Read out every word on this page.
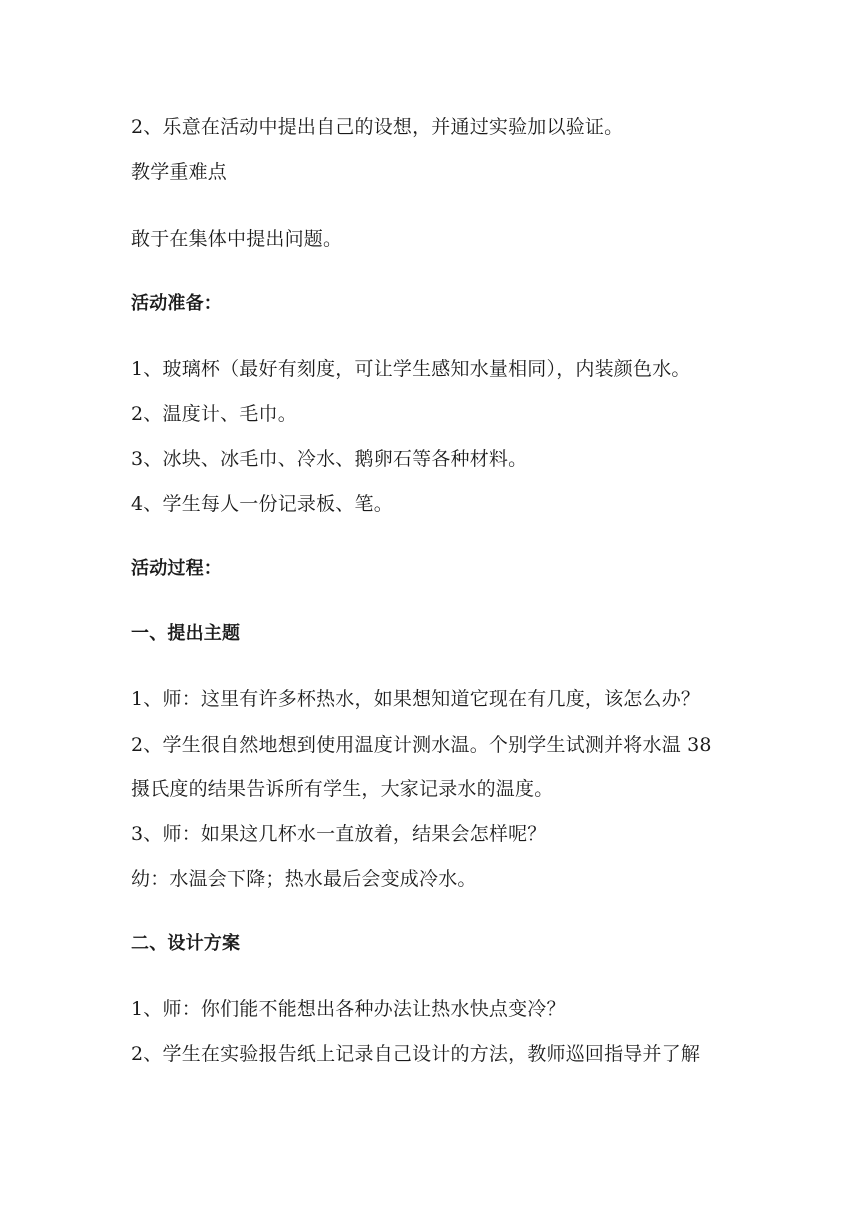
2、乐意在活动中提出自己的设想，并通过实验加以验证。
教学重难点
敢于在集体中提出问题。
活动准备：
1、玻璃杯（最好有刻度，可让学生感知水量相同），内装颜色水。
2、温度计、毛巾。
3、冰块、冰毛巾、冷水、鹅卵石等各种材料。
4、学生每人一份记录板、笔。
活动过程：
一、提出主题
1、师：这里有许多杯热水，如果想知道它现在有几度，该怎么办？
2、学生很自然地想到使用温度计测水温。个别学生试测并将水温 38
摄氏度的结果告诉所有学生，大家记录水的温度。
3、师：如果这几杯水一直放着，结果会怎样呢？
幼：水温会下降；热水最后会变成冷水。
二、设计方案
1、师：你们能不能想出各种办法让热水快点变冷？
2、学生在实验报告纸上记录自己设计的方法，教师巡回指导并了解
